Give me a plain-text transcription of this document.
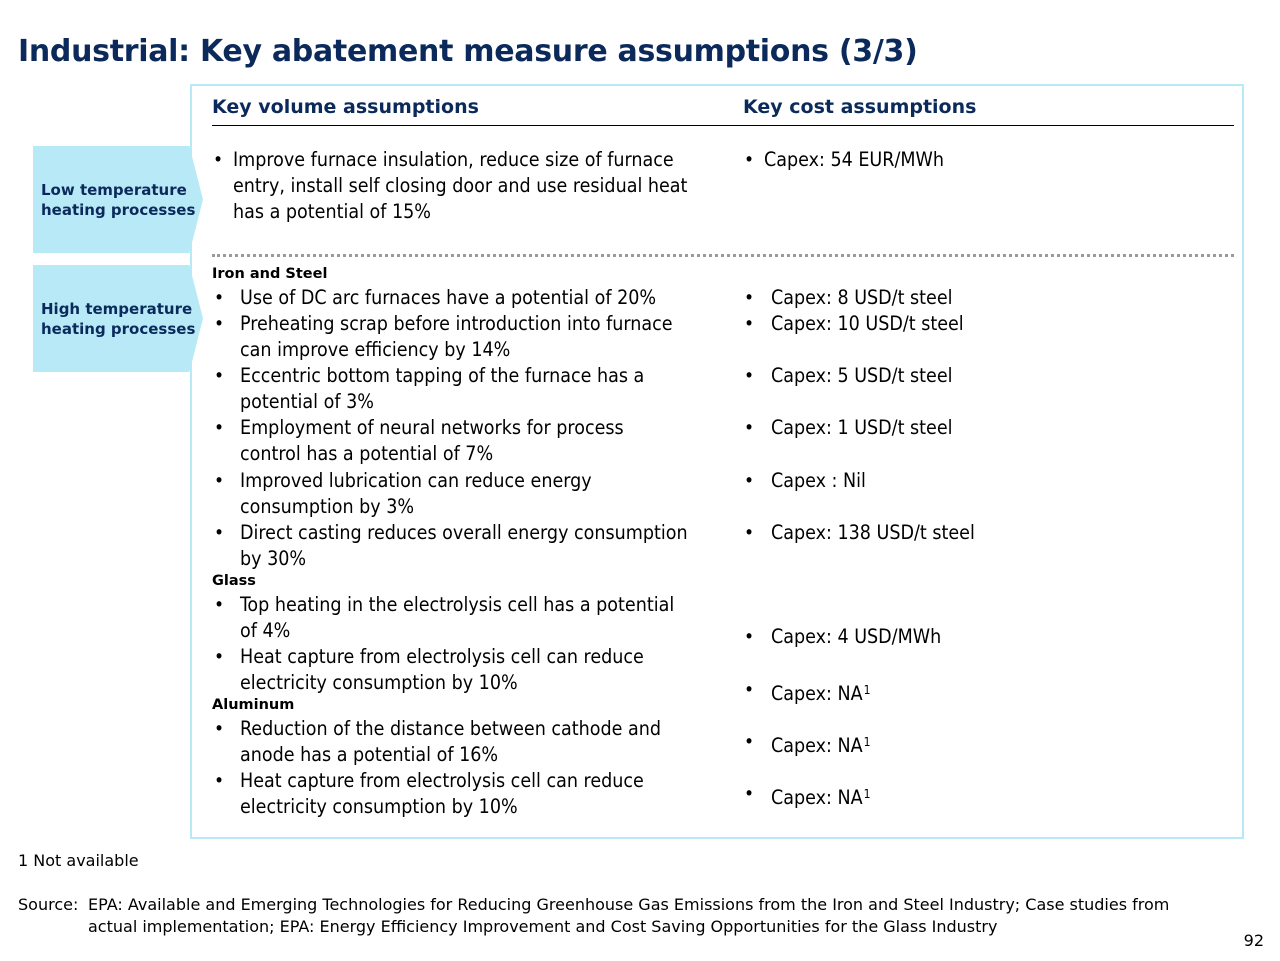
Industrial: Key abatement measure assumptions (3/3)
Key volume assumptions	Key cost assumptions
Low temperature
heating processes
High temperature
heating processes
• Improve furnace insulation, reduce size of furnace
entry, install self closing door and use residual heat
has a potential of 15%
• Capex: 54 EUR/MWh
Iron and Steel
Glass
Aluminum
• Use of DC arc furnaces have a potential of 20%
• Preheating scrap before introduction into furnace
can improve efficiency by 14%
• Eccentric bottom tapping of the furnace has a
potential of 3%
• Employment of neural networks for process
control has a potential of 7%
• Improved lubrication can reduce energy
consumption by 3%
• Direct casting reduces overall energy consumption
by 30%
• Top heating in the electrolysis cell has a potential
of 4%
• Heat capture from electrolysis cell can reduce
electricity consumption by 10%
• Reduction of the distance between cathode and
anode has a potential of 16%
• Heat capture from electrolysis cell can reduce
electricity consumption by 10%
• Capex: 8 USD/t steel
• Capex: 10 USD/t steel
• Capex: 5 USD/t steel
• Capex: 1 USD/t steel
• Capex : Nil
• Capex: 138 USD/t steel
• Capex: 4 USD/MWh
• Capex: $NA^1$
• Capex: $NA^1$
• Capex: $NA^1$
1 Not available
Source: EPA: Available and Emerging Technologies for Reducing Greenhouse Gas Emissions from the Iron and Steel Industry; Case studies from
actual implementation; EPA: Energy Efficiency Improvement and Cost Saving Opportunities for the Glass Industry
92
